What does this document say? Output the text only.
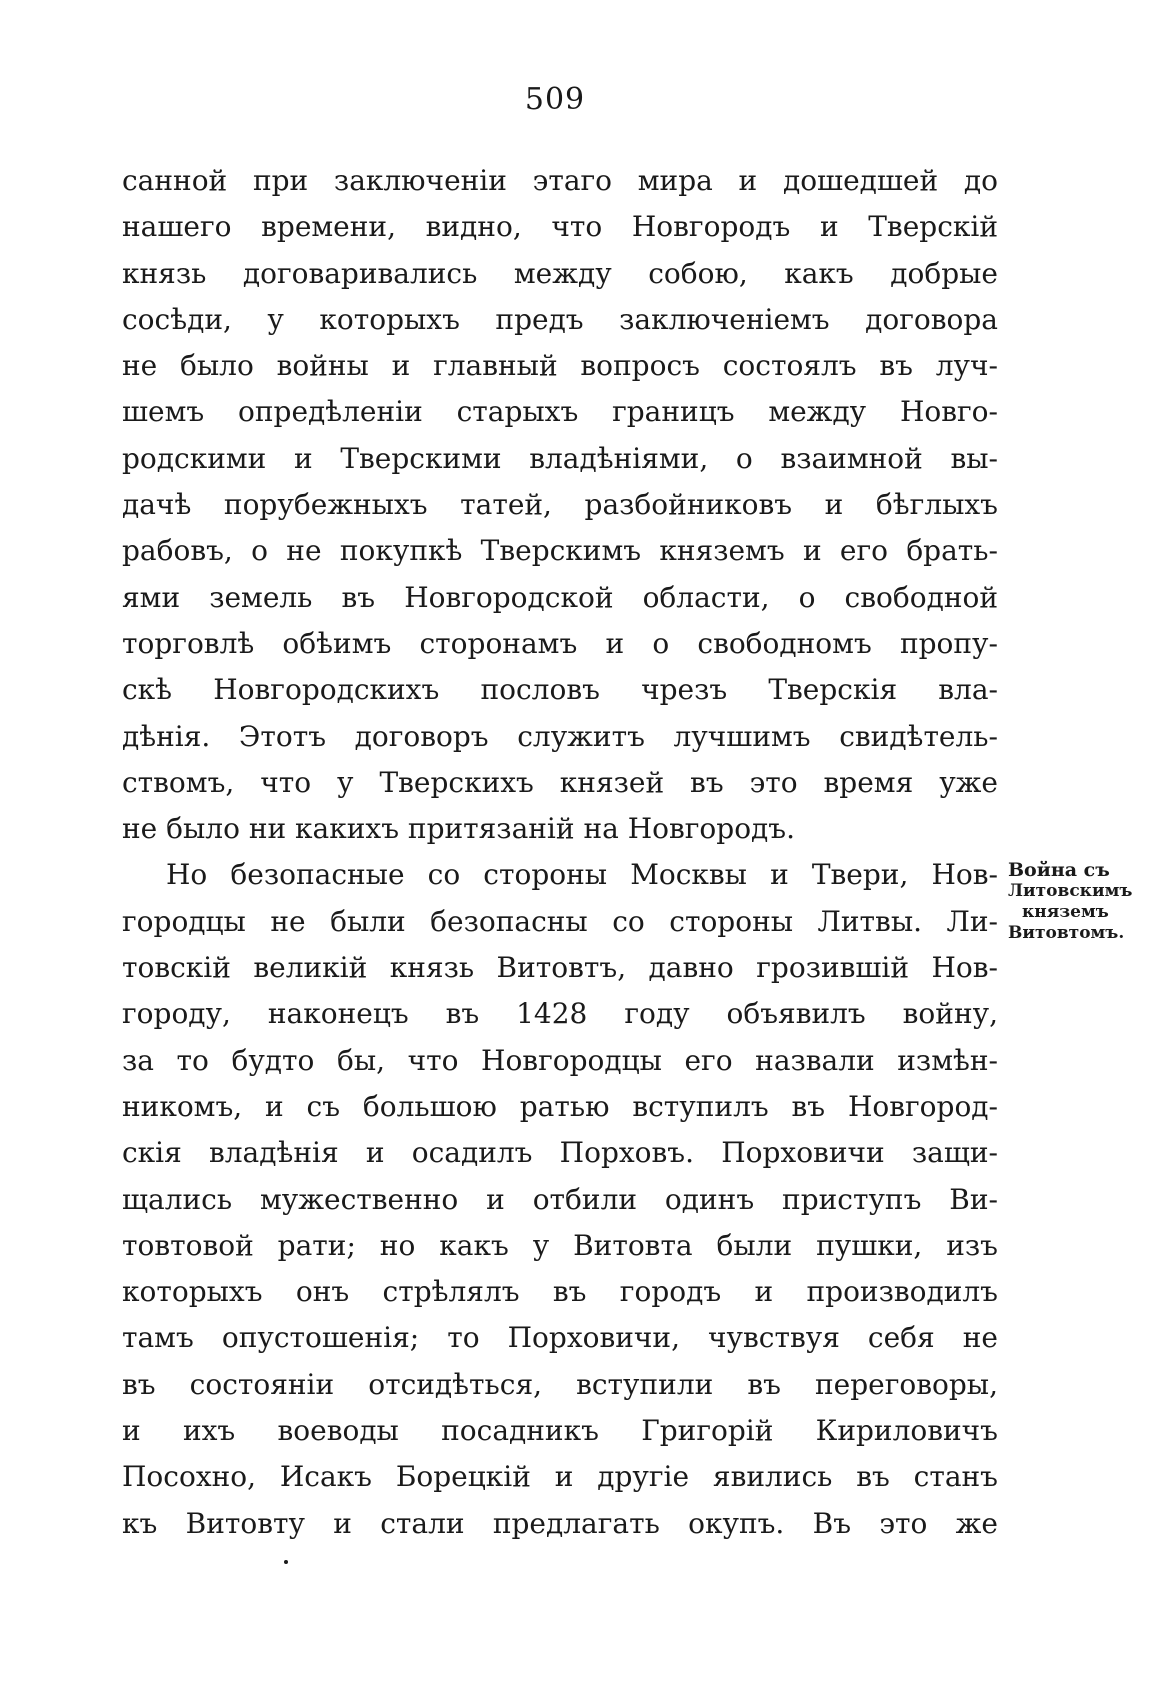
509
санной при заключеніи этаго мира и дошедшей до
нашего времени, видно, что Новгородъ и Тверскій
князь договаривались между собою, какъ добрые
сосѣди, у которыхъ предъ заключеніемъ договора
не было войны и главный вопросъ состоялъ въ луч-
шемъ опредѣленіи старыхъ границъ между Новго-
родскими и Тверскими владѣніями, о взаимной вы-
дачѣ порубежныхъ татей, разбойниковъ и бѣглыхъ
рабовъ, о не покупкѣ Тверскимъ княземъ и его брать-
ями земель въ Новгородской области, о свободной
торговлѣ обѣимъ сторонамъ и о свободномъ пропу-
скѣ Новгородскихъ пословъ чрезъ Тверскія вла-
дѣнія. Этотъ договоръ служитъ лучшимъ свидѣтель-
ствомъ, что у Тверскихъ князей въ это время уже
не было ни какихъ притязаній на Новгородъ.
Но безопасные со стороны Москвы и Твери, Нов-
городцы не были безопасны со стороны Литвы. Ли-
товскій великій князь Витовтъ, давно грозившій Нов-
городу, наконецъ въ 1428 году объявилъ войну,
за то будто бы, что Новгородцы его назвали измѣн-
никомъ, и съ большою ратью вступилъ въ Новгород-
скія владѣнія и осадилъ Порховъ. Порховичи защи-
щались мужественно и отбили одинъ приступъ Ви-
товтовой рати; но какъ у Витовта были пушки, изъ
которыхъ онъ стрѣлялъ въ городъ и производилъ
тамъ опустошенія; то Порховичи, чувствуя себя не
въ состояніи отсидѣться, вступили въ переговоры,
и ихъ воеводы посадникъ Григорій Кириловичъ
Посохно, Исакъ Борецкій и другіе явились въ станъ
къ Витовту и стали предлагать окупъ. Въ это же
Война съ
Литовскимъ
княземъ
Витовтомъ.
